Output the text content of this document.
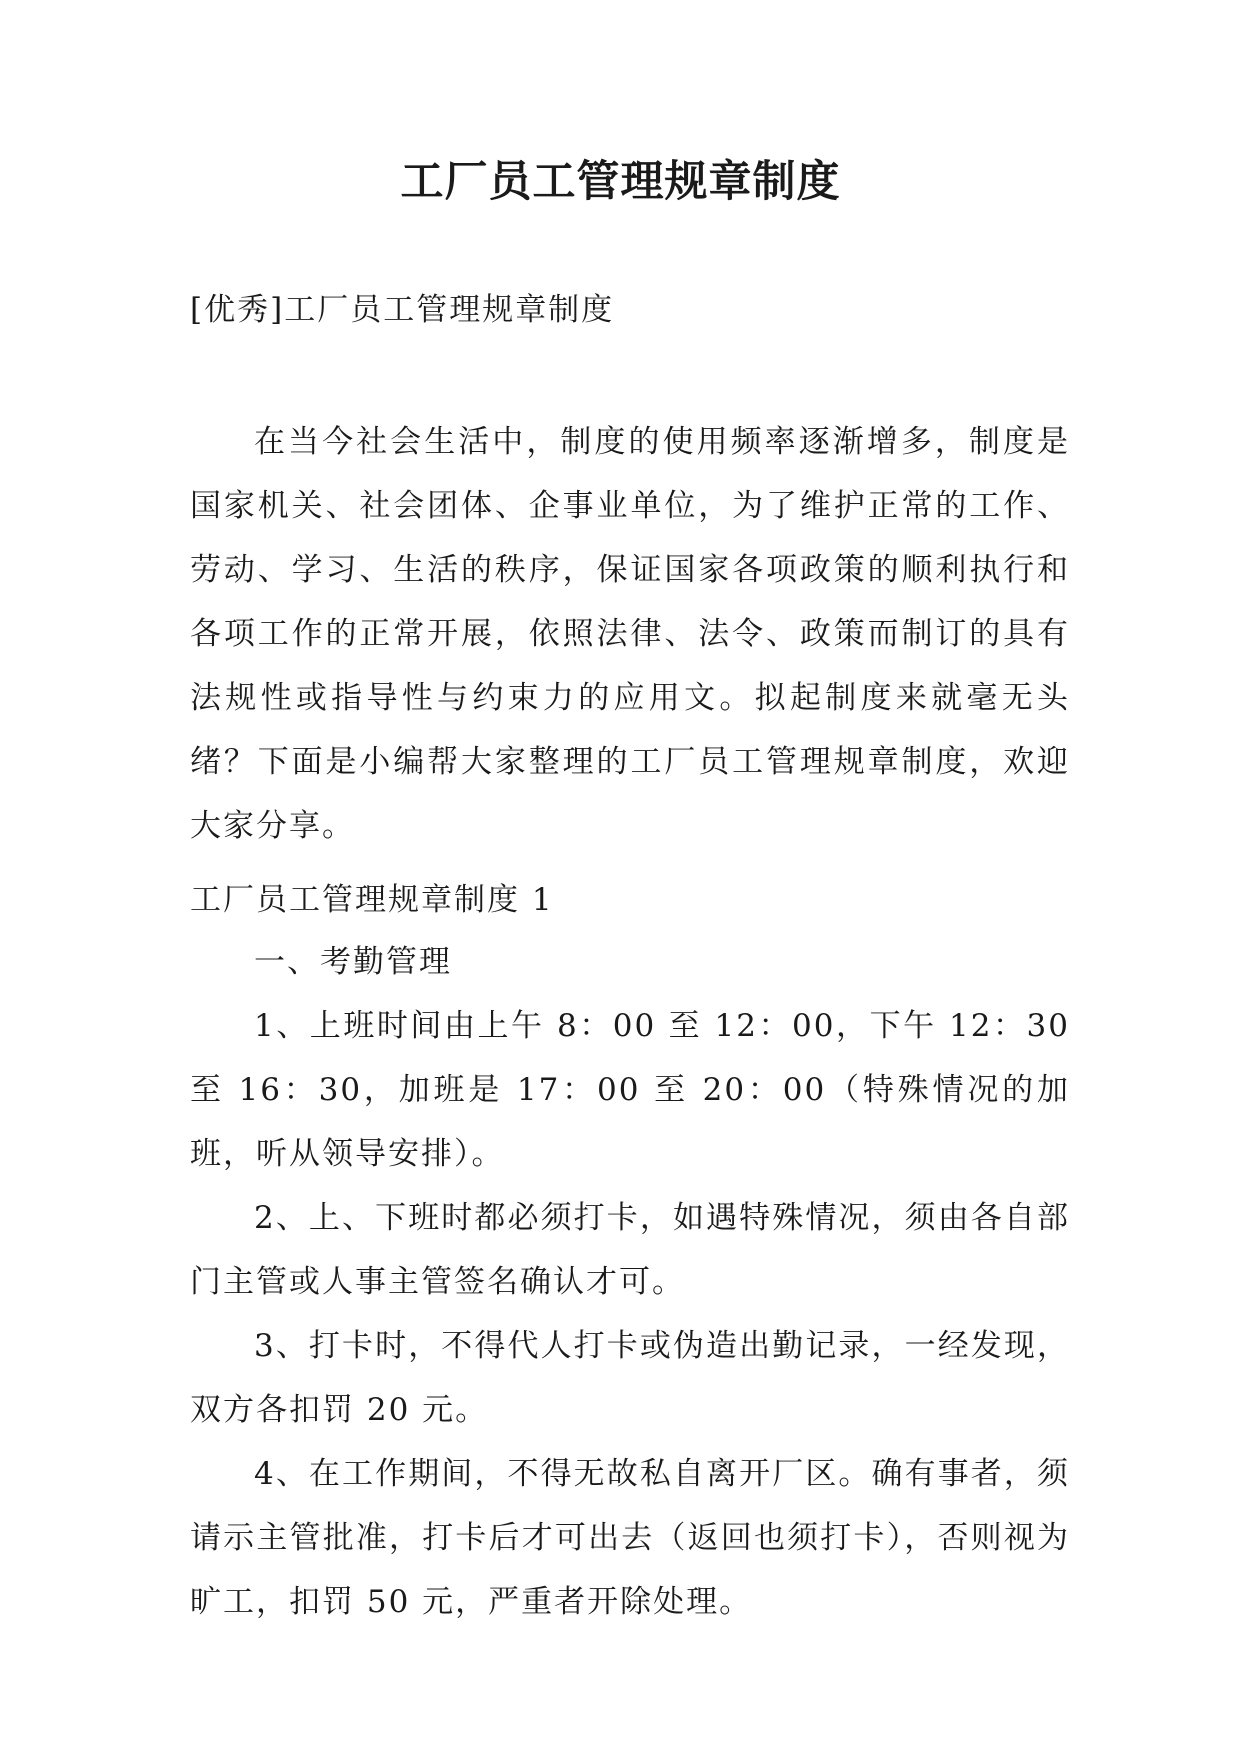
工厂员工管理规章制度
[优秀]工厂员工管理规章制度

在当今社会生活中，制度的使用频率逐渐增多，制度是国家机关、社会团体、企事业单位，为了维护正常的工作、劳动、学习、生活的秩序，保证国家各项政策的顺利执行和各项工作的正常开展，依照法律、法令、政策而制订的具有法规性或指导性与约束力的应用文。拟起制度来就毫无头绪？下面是小编帮大家整理的工厂员工管理规章制度，欢迎大家分享。

工厂员工管理规章制度 1

一、考勤管理

1、上班时间由上午 8：00 至 12：00，下午 12：30 至 16：30，加班是 17：00 至 20：00（特殊情况的加班，听从领导安排）。

2、上、下班时都必须打卡，如遇特殊情况，须由各自部门主管或人事主管签名确认才可。

3、打卡时，不得代人打卡或伪造出勤记录，一经发现，双方各扣罚 20 元。

4、在工作期间，不得无故私自离开厂区。确有事者，须请示主管批准，打卡后才可出去（返回也须打卡），否则视为旷工，扣罚 50 元，严重者开除处理。
